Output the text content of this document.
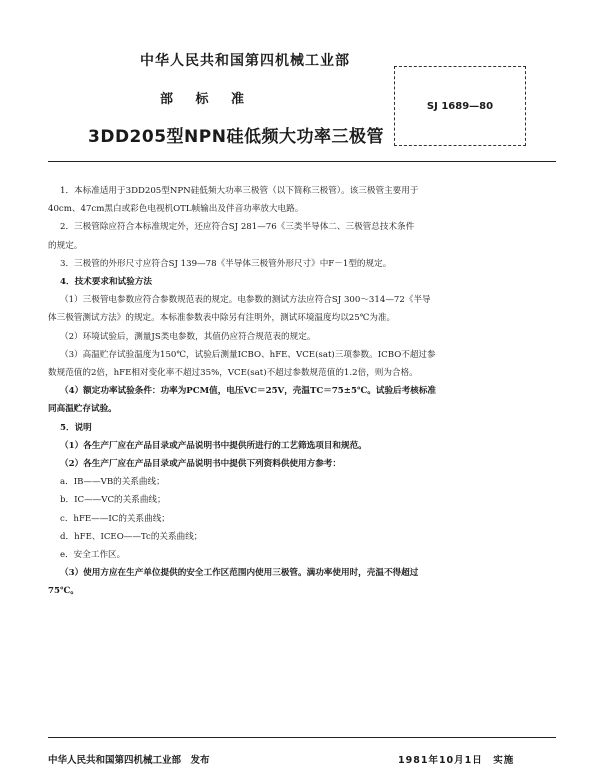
中华人民共和国第四机械工业部
部 标 准	SJ 1689—80
3DD205型NPN硅低频大功率三极管

1．本标准适用于3DD205型NPN硅低频大功率三极管（以下简称三极管）。该三极管主要用于

40cm、47cm黑白或彩色电视机OTL帧输出及伴音功率放大电路。

2．三极管除应符合本标准规定外，还应符合SJ 281—76《三类半导体二、三极管总技术条件

的规定。

3．三极管的外形尺寸应符合SJ 139—78《半导体三极管外形尺寸》中F－1型的规定。

4．技术要求和试验方法

（1）三极管电参数应符合参数规范表的规定。电参数的测试方法应符合SJ 300～314—72《半导

体三极管测试方法》的规定。本标准参数表中除另有注明外，测试环境温度均以25℃为准。

（2）环境试验后，测量JS类电参数，其值仍应符合规范表的规定。

（3）高温贮存试验温度为150℃，试验后测量ICBO、hFE、VCE(sat)三项参数。ICBO不超过参

数规范值的2倍，hFE相对变化率不超过35%，VCE(sat)不超过参数规范值的1.2倍，则为合格。

（4）额定功率试验条件：功率为PCM值，电压VC＝25V，壳温TC＝75±5℃。试验后考核标准

同高温贮存试验。

5．说明

（1）各生产厂应在产品目录或产品说明书中提供所进行的工艺筛选项目和规范。

（2）各生产厂应在产品目录或产品说明书中提供下列资料供使用方参考：

a．IB——VB的关系曲线；

b．IC——VC的关系曲线；

c．hFE——IC的关系曲线；

d．hFE、ICEO——Tc的关系曲线；

e．安全工作区。

（3）使用方应在生产单位提供的安全工作区范围内使用三极管。满功率使用时，壳温不得超过

75℃。

中华人民共和国第四机械工业部　发布	1981年10月1日　实施
